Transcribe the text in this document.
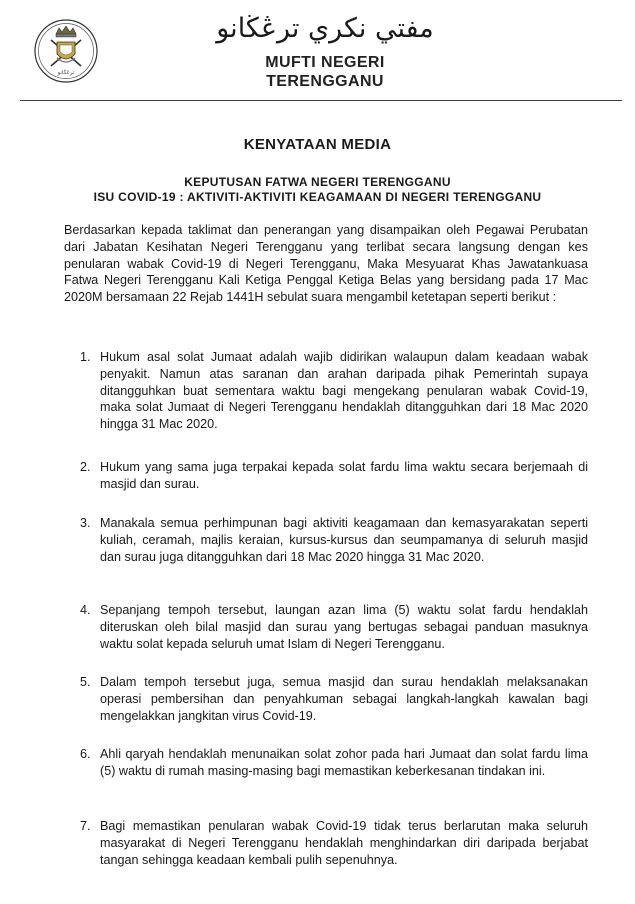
ترڠڬانو
مفتي نكري ترڠڬانو
MUFTI NEGERI
TERENGGANU
KENYATAAN MEDIA
KEPUTUSAN FATWA NEGERI TERENGGANU
ISU COVID-19 : AKTIVITI-AKTIVITI KEAGAMAAN DI NEGERI TERENGGANU
Berdasarkan kepada taklimat dan penerangan yang disampaikan oleh Pegawai Perubatan dari Jabatan Kesihatan Negeri Terengganu yang terlibat secara langsung dengan kes penularan wabak Covid-19 di Negeri Terengganu, Maka Mesyuarat Khas Jawatankuasa Fatwa Negeri Terengganu Kali Ketiga Penggal Ketiga Belas yang bersidang pada 17 Mac 2020M bersamaan 22 Rejab 1441H sebulat suara mengambil ketetapan seperti berikut :
1. Hukum asal solat Jumaat adalah wajib didirikan walaupun dalam keadaan wabak penyakit. Namun atas saranan dan arahan daripada pihak Pemerintah supaya ditangguhkan buat sementara waktu bagi mengekang penularan wabak Covid-19, maka solat Jumaat di Negeri Terengganu hendaklah ditangguhkan dari 18 Mac 2020 hingga 31 Mac 2020.
2. Hukum yang sama juga terpakai kepada solat fardu lima waktu secara berjemaah di masjid dan surau.
3. Manakala semua perhimpunan bagi aktiviti keagamaan dan kemasyarakatan seperti kuliah, ceramah, majlis keraian, kursus-kursus dan seumpamanya di seluruh masjid dan surau juga ditangguhkan dari 18 Mac 2020 hingga 31 Mac 2020.
4. Sepanjang tempoh tersebut, laungan azan lima (5) waktu solat fardu hendaklah diteruskan oleh bilal masjid dan surau yang bertugas sebagai panduan masuknya waktu solat kepada seluruh umat Islam di Negeri Terengganu.
5. Dalam tempoh tersebut juga, semua masjid dan surau hendaklah melaksanakan operasi pembersihan dan penyahkuman sebagai langkah-langkah kawalan bagi mengelakkan jangkitan virus Covid-19.
6. Ahli qaryah hendaklah menunaikan solat zohor pada hari Jumaat dan solat fardu lima (5) waktu di rumah masing-masing bagi memastikan keberkesanan tindakan ini.
7. Bagi memastikan penularan wabak Covid-19 tidak terus berlarutan maka seluruh masyarakat di Negeri Terengganu hendaklah menghindarkan diri daripada berjabat tangan sehingga keadaan kembali pulih sepenuhnya.
